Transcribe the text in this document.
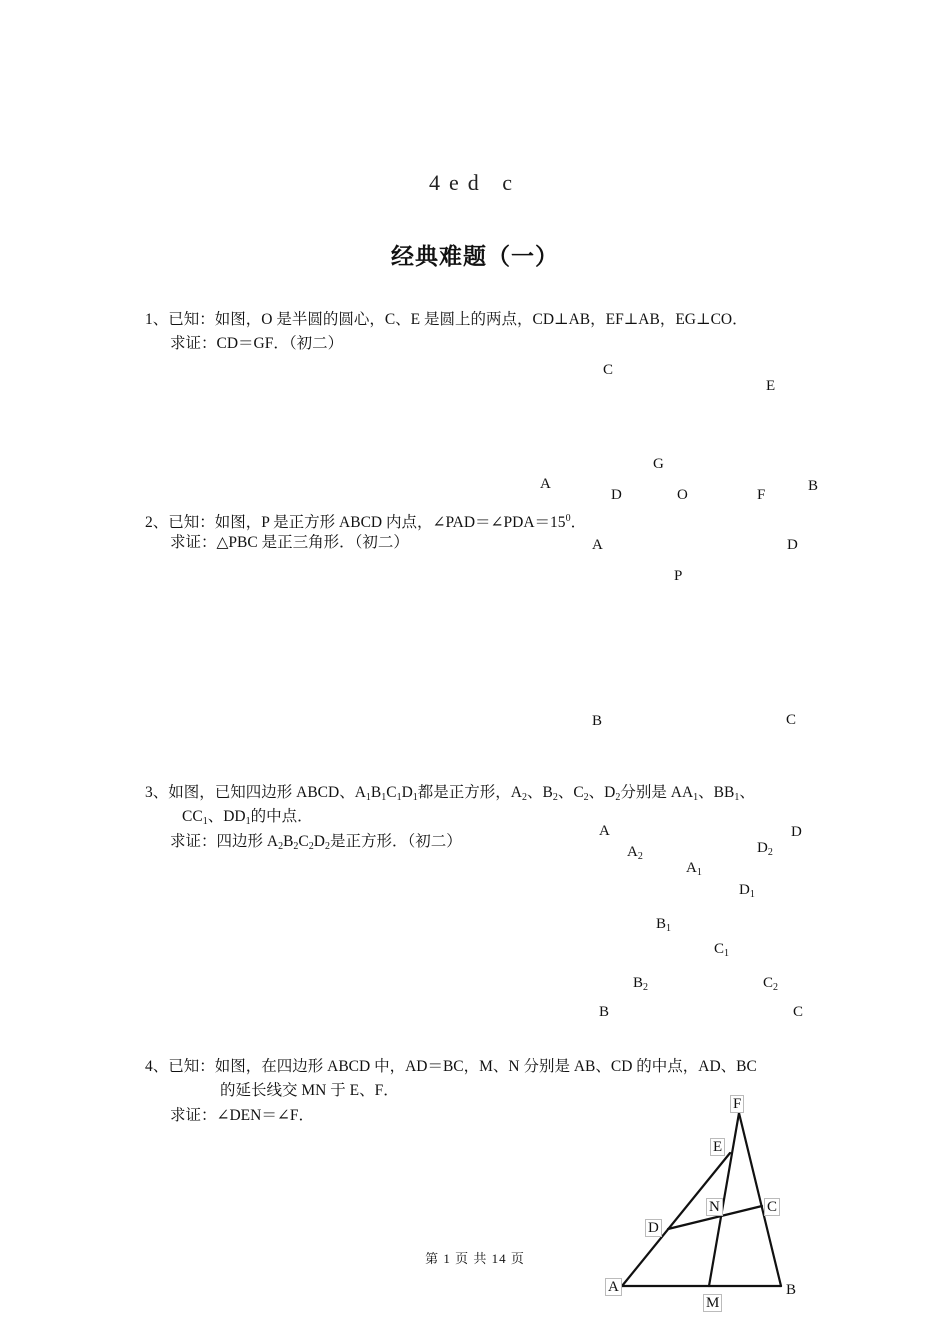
4ed c
经典难题（一）
1、已知：如图，O 是半圆的圆心，C、E 是圆上的两点，CD⊥AB，EF⊥AB，EG⊥CO．
求证：CD＝GF．（初二）
C
E
G
A
D	O	F
B
2、已知：如图，P 是正方形 ABCD 内点，$\angle PAD=\angle PDA=15^0$．
求证：△PBC 是正三角形．（初二）	A	D
P
B	C
3、如图，已知四边形 ABCD、$A_1B_1C_1D_1$都是正方形，$A_2$、$B_2$、$C_2$、$D_2$分别是 $AA_1$、$BB_1$、
$CC_1$、$DD_1$的中点．
求证：四边形 $A_2B_2C_2D_2$是正方形．（初二）
A	D
$A_2$
$D_2$
$A_1$
$D_1$
$B_1$
$C_1$
$B_2$	$C_2$
B	C
4、已知：如图，在四边形 ABCD 中，AD＝BC，M、N 分别是 AB、CD 的中点，AD、BC
的延长线交 MN 于 E、F．
求证：∠DEN＝∠F．
F
E
N	C
D
A
M
B
第 1 页 共 14 页
